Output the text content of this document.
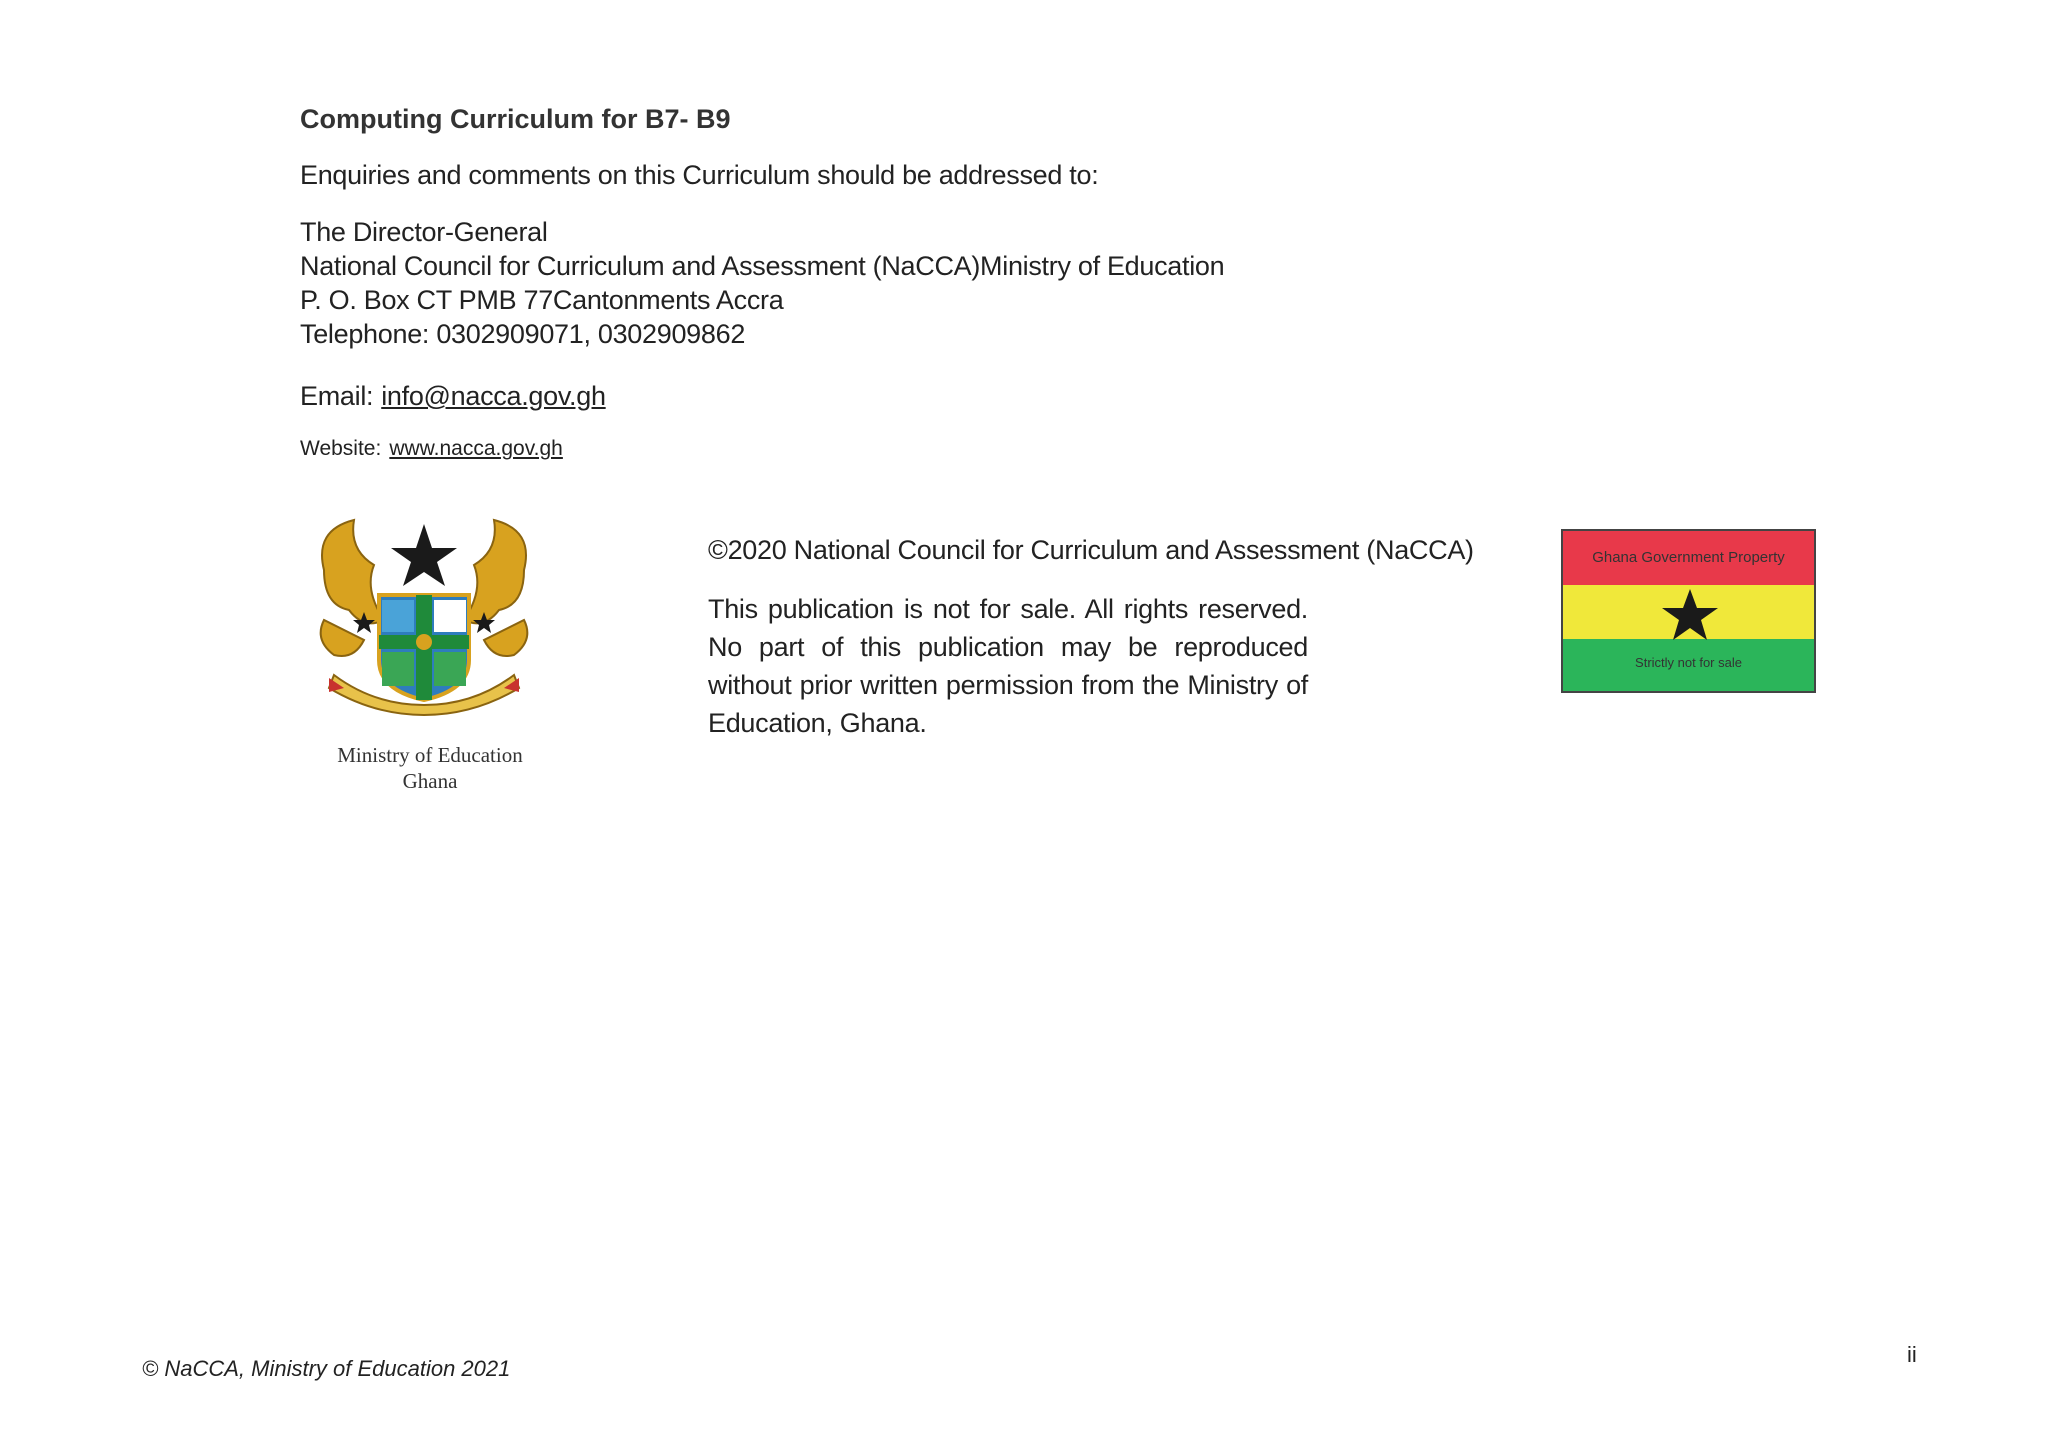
Computing Curriculum for B7- B9
Enquiries and comments on this Curriculum should be addressed to:
The Director-General
National Council for Curriculum and Assessment (NaCCA)Ministry of Education
P. O. Box CT PMB 77Cantonments Accra
Telephone: 0302909071, 0302909862
Email: info@nacca.gov.gh
Website: www.nacca.gov.gh
Ministry of Education
Ghana
©2020 National Council for Curriculum and Assessment (NaCCA)
This publication is not for sale. All rights reserved. No part of this publication may be reproduced without prior written permission from the Ministry of Education, Ghana.
Ghana Government Property
Strictly not for sale
© NaCCA, Ministry of Education 2021
ii
